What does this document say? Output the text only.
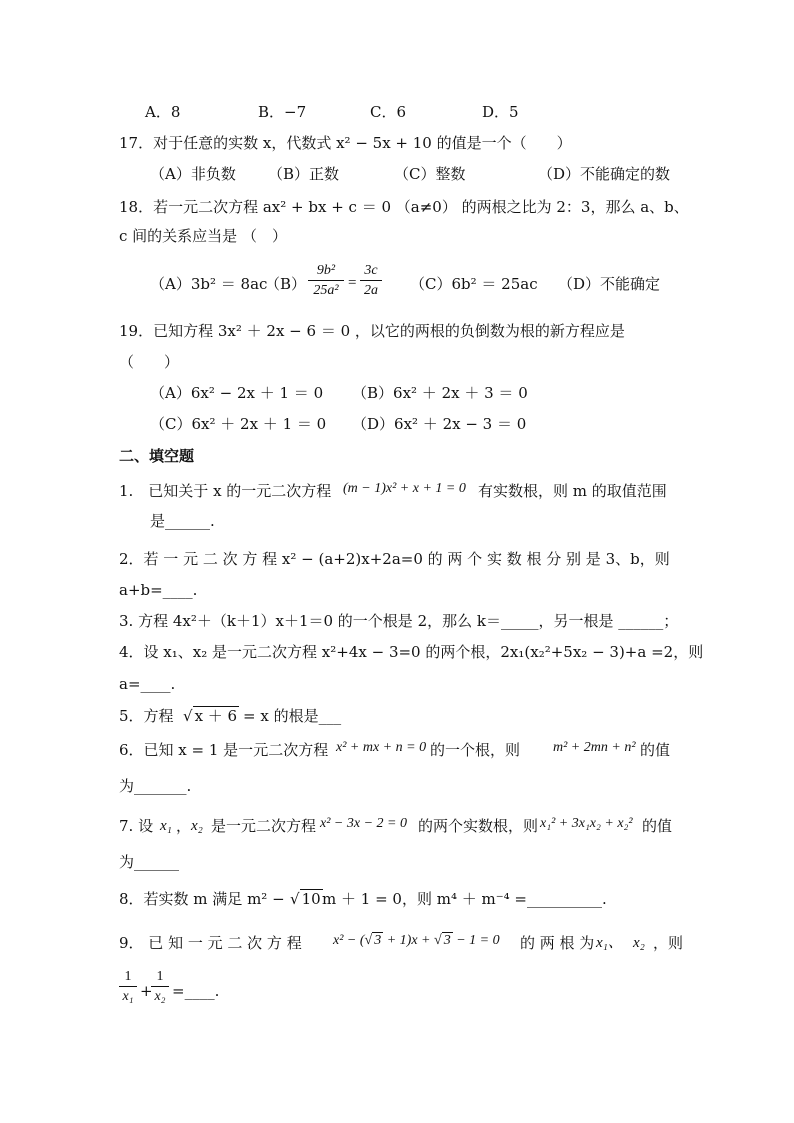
A．8	B．−7	C．6	D．5
17．对于任意的实数 x，代数式 x² − 5x + 10 的值是一个（　　）
（A）非负数 （B）正数	（C）整数	（D）不能确定的数
18．若一元二次方程 ax² + bx + c ＝ 0 （a≠0） 的两根之比为 2：3，那么 a、b、
c 间的关系应当是 （　）
（A）3b² ＝ 8ac
（B）
9b²
25a² =
3c
2a （C）6b² ＝ 25ac （D）不能确定
19．已知方程 3x² ＋ 2x − 6 ＝ 0 ，以它的两根的负倒数为根的新方程应是
（　　）
（A）6x² − 2x ＋ 1 ＝ 0 （B）6x² ＋ 2x ＋ 3 ＝ 0
（C）6x² ＋ 2x ＋ 1 ＝ 0 （D）6x² ＋ 2x − 3 ＝ 0
二、填空题
1.　已知关于 x 的一元二次方程 (m − 1)x² + x + 1 = 0 有实数根，则 m 的取值范围
是______.
2．若 一 元 二 次 方 程 x² − (a+2)x+2a=0 的 两 个 实 数 根 分 别 是 3、b，则
a+b=____.
3. 方程 4x²＋（k＋1）x＋1＝0 的一个根是 2，那么 k＝_____，另一根是 ______；
4．设 x₁、x₂ 是一元二次方程 x²+4x − 3=0 的两个根，2x₁(x₂²+5x₂ − 3)+a =2，则
a=____.
5．方程 √ x ＋ 6 = x 的根是___
6．已知 x = 1 是一元二次方程 x² + mx + n = 0 的一个根，则 m² + 2mn + n² 的值
为_______.
7. 设 x₁ ， x₂ 是一元二次方程 x² − 3x − 2 = 0 的两个实数根，则 x₁² + 3x₁x₂ + x₂² 的值
为______
8．若实数 m 满足 m² − √ 10 m ＋ 1 = 0，则 m⁴ ＋ m⁻⁴ =__________.
9． 已 知 一 元 二 次 方 程 x² − (√ 3 + 1)x + √ 3 − 1 = 0 的 两 根 为 x₁、 x₂ ，则
1
x₁ +
1
x₂ =____.
